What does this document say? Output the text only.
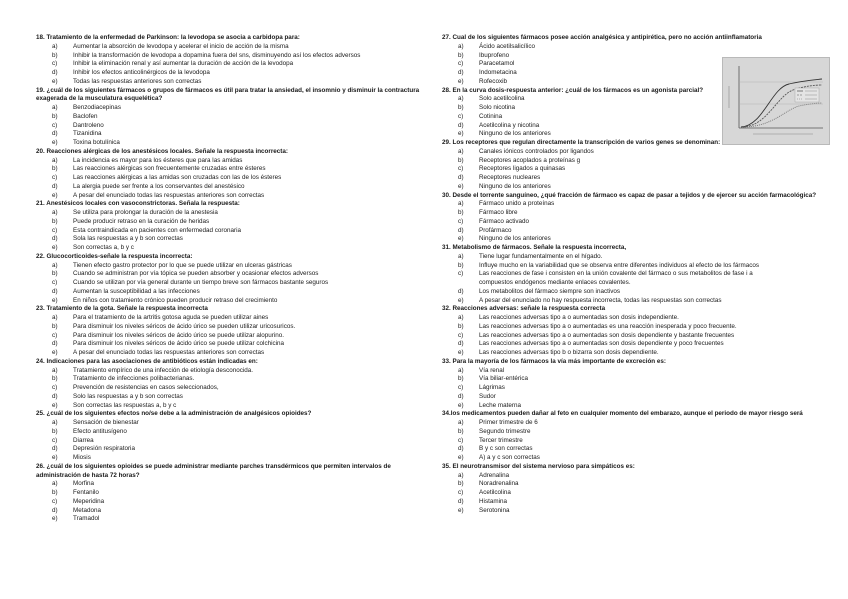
18. Tratamiento de la enfermedad de Parkinson: la levodopa se asocia a carbidopa para:

a) Aumentar la absorción de levodopa y acelerar el inicio de acción de la misma
b) Inhibir la transformación de levodopa a dopamina fuera del sns, disminuyendo así los efectos adversos
c)	Inhibir la eliminación renal y así aumentar la duración de acción de la levodopa
d) Inhibir los efectos anticolinérgicos de la levodopa
e) Todas las respuestas anteriores son correctas

19. ¿cuál de los siguientes fármacos o grupos de fármacos es útil para tratar la ansiedad, el insomnio y disminuir la contractura exagerada de la musculatura esquelética?

a) Benzodiacepinas
b) Baclofen
c)	Dantroleno
d) Tizanidina
e) Toxina botulínica

20. Reacciones alérgicas de los anestésicos locales. Señale la respuesta incorrecta:

a) La incidencia es mayor para los ésteres que para las amidas
b) Las reacciones alérgicas son frecuentemente cruzadas entre ésteres
c)	Las reacciones alérgicas a las amidas son cruzadas con las de los ésteres
d) La alergia puede ser frente a los conservantes del anestésico
e) A pesar del enunciado todas las respuestas anteriores son correctas

21. Anestésicos locales con vasoconstrictoras. Señala la respuesta:

a) Se utiliza para prolongar la duración de la anestesia
b) Puede producir retraso en la curación de heridas
c)	Esta contraindicada en pacientes con enfermedad coronaria
d) Sola las respuestas a y b son correctas
e) Son correctas a, b y c

22. Glucocorticoides-señale la respuesta incorrecta:

a) Tienen efecto gastro protector por lo que se puede utilizar en ulceras gástricas
b) Cuando se administran por vía tópica se pueden absorber y ocasionar efectos adversos
c)	Cuando se utilizan por vía general durante un tiempo breve son fármacos bastante seguros
d) Aumentan la susceptibilidad a las infecciones
e) En niños con tratamiento crónico pueden producir retraso del crecimiento

23. Tratamiento de la gota. Señale la respuesta incorrecta

a) Para el tratamiento de la artritis gotosa aguda se pueden utilizar aines
b) Para disminuir los niveles séricos de ácido úrico se pueden utilizar uricosuricos.
c)	Para disminuir los niveles séricos de ácido úrico se puede utilizar alopurino.
d) Para disminuir los niveles séricos de ácido úrico se puede utilizar colchicina
e) A pesar del enunciado todas las respuestas anteriores son correctas

24. Indicaciones para las asociaciones de antibióticos están indicadas en:

a) Tratamiento empírico de una infección de etiología desconocida.
b) Tratamiento de infecciones polibacterianas.
c)	Prevención de resistencias en casos seleccionados,
d) Solo las respuestas a y b son correctas
e) Son correctas las respuestas a, b y c

25. ¿cuál de los siguientes efectos no/se debe a la administración de analgésicos opioides?

a) Sensación de bienestar
b) Efecto antitusígeno
c)	Diarrea
d) Depresión respiratoria
e) Miosis

26. ¿cuál de los siguientes opioides se puede administrar mediante parches transdérmicos que permiten intervalos de administración de hasta 72 horas?

a) Morfina
b) Fentanilo
c)	Meperidina
d) Metadona
e) Tramadol

27. Cual de los siguientes fármacos posee acción analgésica y antipirética, pero no acción antiinflamatoria

a) Ácido acetilsalicílico
b) Ibuprofeno
c)	Paracetamol
d) Indometacina
e) Rofecoxib

28. En la curva dosis-respuesta anterior: ¿cuál de los fármacos es un agonista parcial?

a) Solo acetilcolina
b) Solo nicotina
c)	Cotinina
d) Acetilcolina y nicotina
e) Ninguno de los anteriores

29. Los receptores que regulan directamente la transcripción de varios genes se denominan:

a) Canales iónicos controlados por ligandos
b) Receptores acoplados a proteínas g
c)	Receptores ligados a quinasas
d) Receptores nucleares
e) Ninguno de los anteriores

30. Desde el torrente sanguíneo, ¿qué fracción de fármaco es capaz de pasar a tejidos y de ejercer su acción farmacológica?

a) Fármaco unido a proteínas
b) Fármaco libre
c)	Fármaco activado
d) Profármaco
e) Ninguno de los anteriores

31. Metabolismo de fármacos. Señale la respuesta incorrecta,

a) Tiene lugar fundamentalmente en el hígado.
b) Influye mucho en la variabilidad que se observa entre diferentes individuos al efecto de los fármacos
c)	Las reacciones de fase i consisten en la unión covalente del fármaco o sus metabolitos de fase i a
compuestos endógenos mediante enlaces covalentes.
d) Los metabolitos del fármaco siempre son inactivos
e) A pesar del enunciado no hay respuesta incorrecta, todas las respuestas son correctas

32. Reacciones adversas: señale la respuesta correcta

a) Las reacciones adversas tipo a o aumentadas son dosis independiente.
b) Las reacciones adversas tipo a o aumentadas es una reacción inesperada y poco frecuente.
c)	Las reacciones adversas tipo a o aumentadas son dosis dependiente y bastante frecuentes
d) Las reacciones adversas tipo a o aumentadas son dosis dependiente y poco frecuentes
e) Las reacciones adversas tipo b o bizarra son dosis dependiente.

33. Para la mayoría de los fármacos la vía más importante de excreción es:

a) Vía renal
b) Vía biliar-entérica
c)	Lágrimas
d) Sudor
e) Leche materna

34.los medicamentos pueden dañar al feto en cualquier momento del embarazo, aunque el periodo de mayor riesgo será

a) Primer trimestre de 6
b) Segundo trimestre
c)	Tercer trimestre
d) B y c son correctas
e) A) a y c son correctas

35. El neurotransmisor del sistema nervioso para simpáticos es:

a) Adrenalina
b) Noradrenalina
c)	Acetilcolina
d) Histamina
e) Serotonina
